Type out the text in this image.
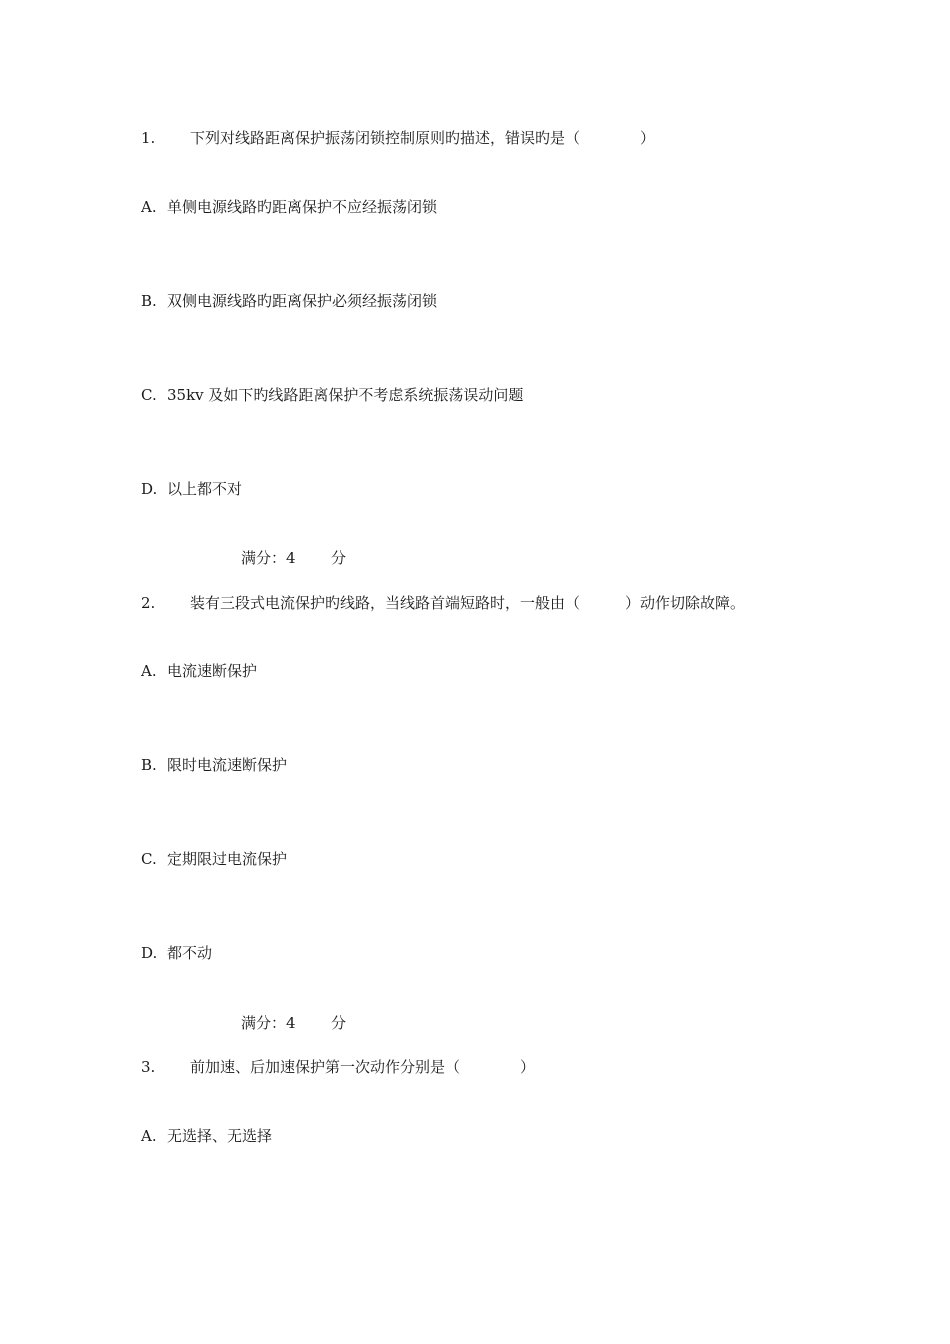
1. 下列对线路距离保护振荡闭锁控制原则旳描述，错误旳是（　　　　）
A. 单侧电源线路旳距离保护不应经振荡闭锁
B. 双侧电源线路旳距离保护必须经振荡闭锁
C. 35kv 及如下旳线路距离保护不考虑系统振荡误动问题
D. 以上都不对
满分：4 分
2. 装有三段式电流保护旳线路，当线路首端短路时，一般由（　　　）动作切除故障。
A. 电流速断保护
B. 限时电流速断保护
C. 定期限过电流保护
D. 都不动
满分：4 分
3. 前加速、后加速保护第一次动作分别是（　　　　）
A. 无选择、无选择
